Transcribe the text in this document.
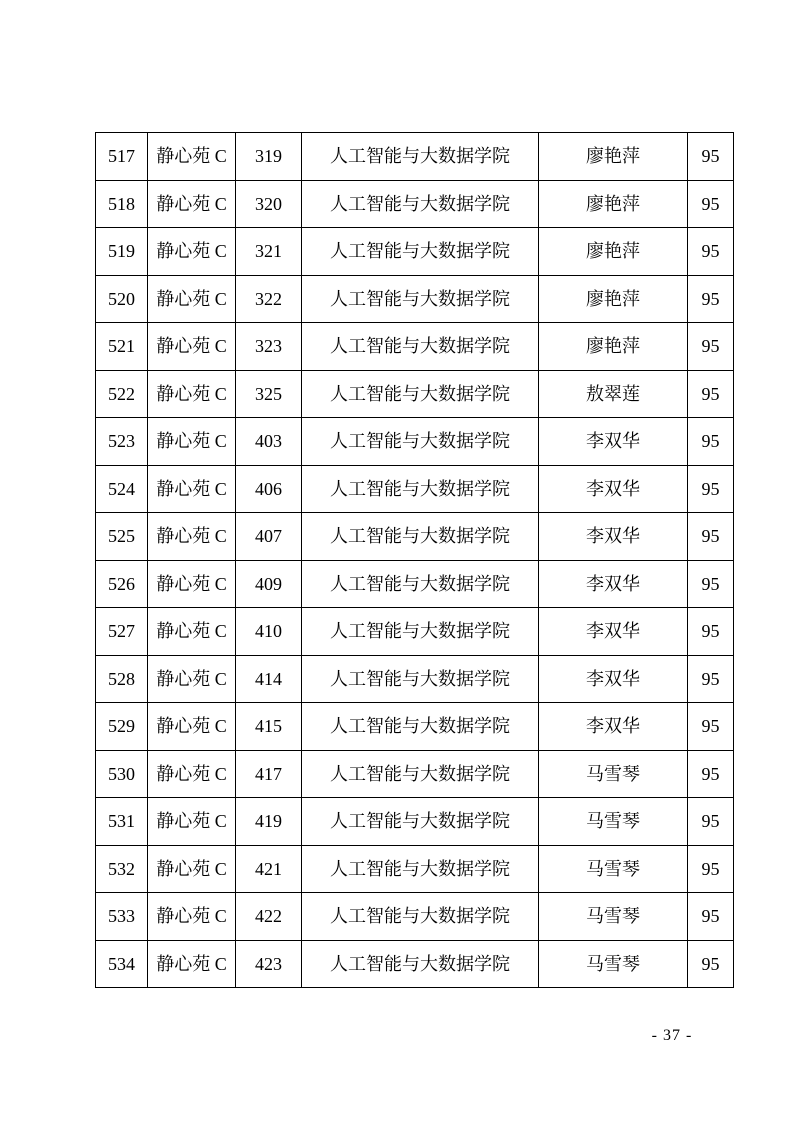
517	静心苑 C	319	人工智能与大数据学院	廖艳萍	95
518	静心苑 C	320	人工智能与大数据学院	廖艳萍	95
519	静心苑 C	321	人工智能与大数据学院	廖艳萍	95
520	静心苑 C	322	人工智能与大数据学院	廖艳萍	95
521	静心苑 C	323	人工智能与大数据学院	廖艳萍	95
522	静心苑 C	325	人工智能与大数据学院	敖翠莲	95
523	静心苑 C	403	人工智能与大数据学院	李双华	95
524	静心苑 C	406	人工智能与大数据学院	李双华	95
525	静心苑 C	407	人工智能与大数据学院	李双华	95
526	静心苑 C	409	人工智能与大数据学院	李双华	95
527	静心苑 C	410	人工智能与大数据学院	李双华	95
528	静心苑 C	414	人工智能与大数据学院	李双华	95
529	静心苑 C	415	人工智能与大数据学院	李双华	95
530	静心苑 C	417	人工智能与大数据学院	马雪琴	95
531	静心苑 C	419	人工智能与大数据学院	马雪琴	95
532	静心苑 C	421	人工智能与大数据学院	马雪琴	95
533	静心苑 C	422	人工智能与大数据学院	马雪琴	95
534	静心苑 C	423	人工智能与大数据学院	马雪琴	95
- 37 -
